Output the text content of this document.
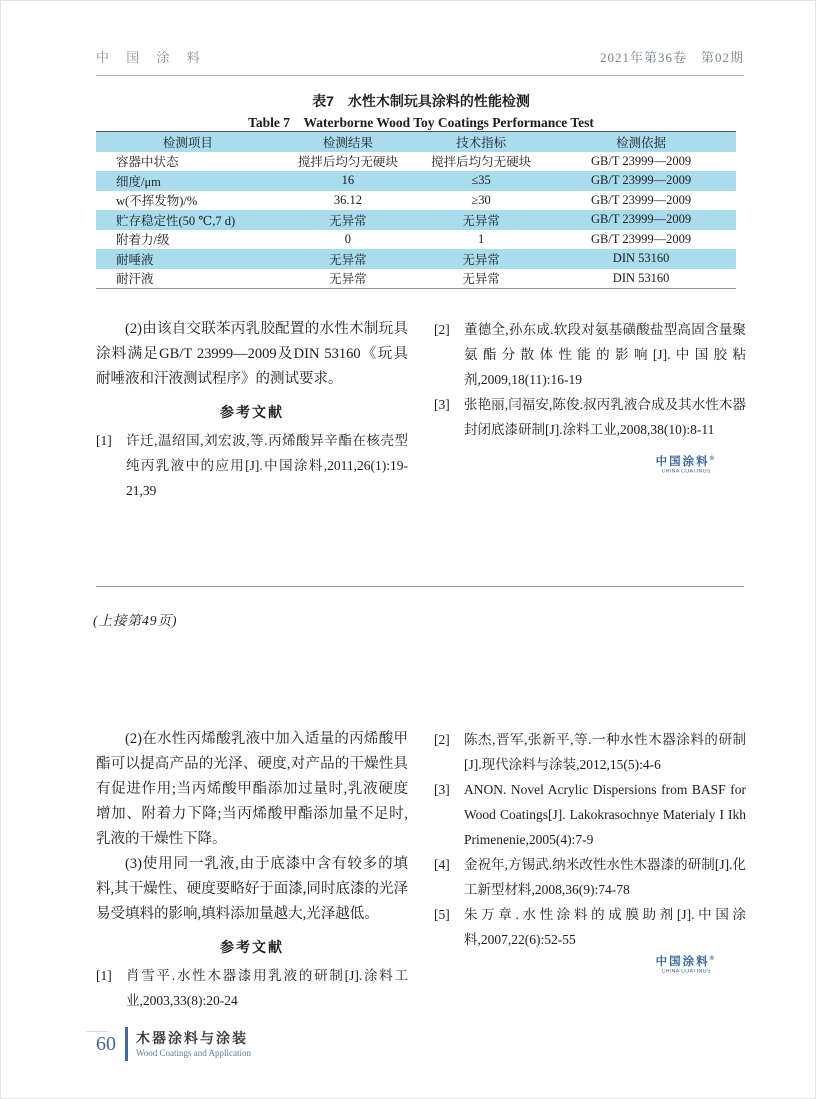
中 国 涂 料	2021年第36卷　第02期
表7　水性木制玩具涂料的性能检测
Table 7　Waterborne Wood Toy Coatings Performance Test
检测项目	检测结果	技术指标	检测依据
容器中状态	搅拌后均匀无硬块	搅拌后均匀无硬块	GB/T 23999—2009
细度/μm	16	≤35	GB/T 23999—2009
w(不挥发物)/%	36.12	≥30	GB/T 23999—2009
贮存稳定性(50 ℃,7 d)	无异常	无异常	GB/T 23999—2009
附着力/级	0	1	GB/T 23999—2009
耐唾液	无异常	无异常	DIN 53160
耐汗液	无异常	无异常	DIN 53160

(2)由该自交联苯丙乳胶配置的水性木制玩具涂料满足GB/T 23999—2009及DIN 53160《玩具耐唾液和汗液测试程序》的测试要求。

参考文献
[1]	许迁,温绍国,刘宏波,等.丙烯酸异辛酯在核壳型纯丙乳液中的应用[J].中国涂料,2011,26(1):19-21,39
[2]	董德全,孙东成.软段对氨基磺酸盐型高固含量聚氨酯分散体性能的影响[J].中国胶粘剂,2009,18(11):16-19
[3]	张艳丽,闫福安,陈俊.叔丙乳液合成及其水性木器封闭底漆研制[J].涂料工业,2008,38(10):8-11
中国涂料®
CHINA COATINGS
(上接第49页)

(2)在水性丙烯酸乳液中加入适量的丙烯酸甲酯可以提高产品的光泽、硬度,对产品的干燥性具有促进作用;当丙烯酸甲酯添加过量时,乳液硬度增加、附着力下降;当丙烯酸甲酯添加量不足时,乳液的干燥性下降。

(3)使用同一乳液,由于底漆中含有较多的填料,其干燥性、硬度要略好于面漆,同时底漆的光泽易受填料的影响,填料添加量越大,光泽越低。

参考文献
[1]	肖雪平.水性木器漆用乳液的研制[J].涂料工业,2003,33(8):20-24
[2]	陈杰,晋军,张新平,等.一种水性木器涂料的研制[J].现代涂料与涂装,2012,15(5):4-6
[3]	ANON. Novel Acrylic Dispersions from BASF for Wood Coatings[J]. Lakokrasochnye Materialy I Ikh Primenenie,2005(4):7-9
[4]	金祝年,方锡武.纳米改性水性木器漆的研制[J].化工新型材料,2008,36(9):74-78
[5]	朱万章.水性涂料的成膜助剂[J].中国涂料,2007,22(6):52-55
中国涂料®
CHINA COATINGS
60 木器涂料与涂装
Wood Coatings and Application
